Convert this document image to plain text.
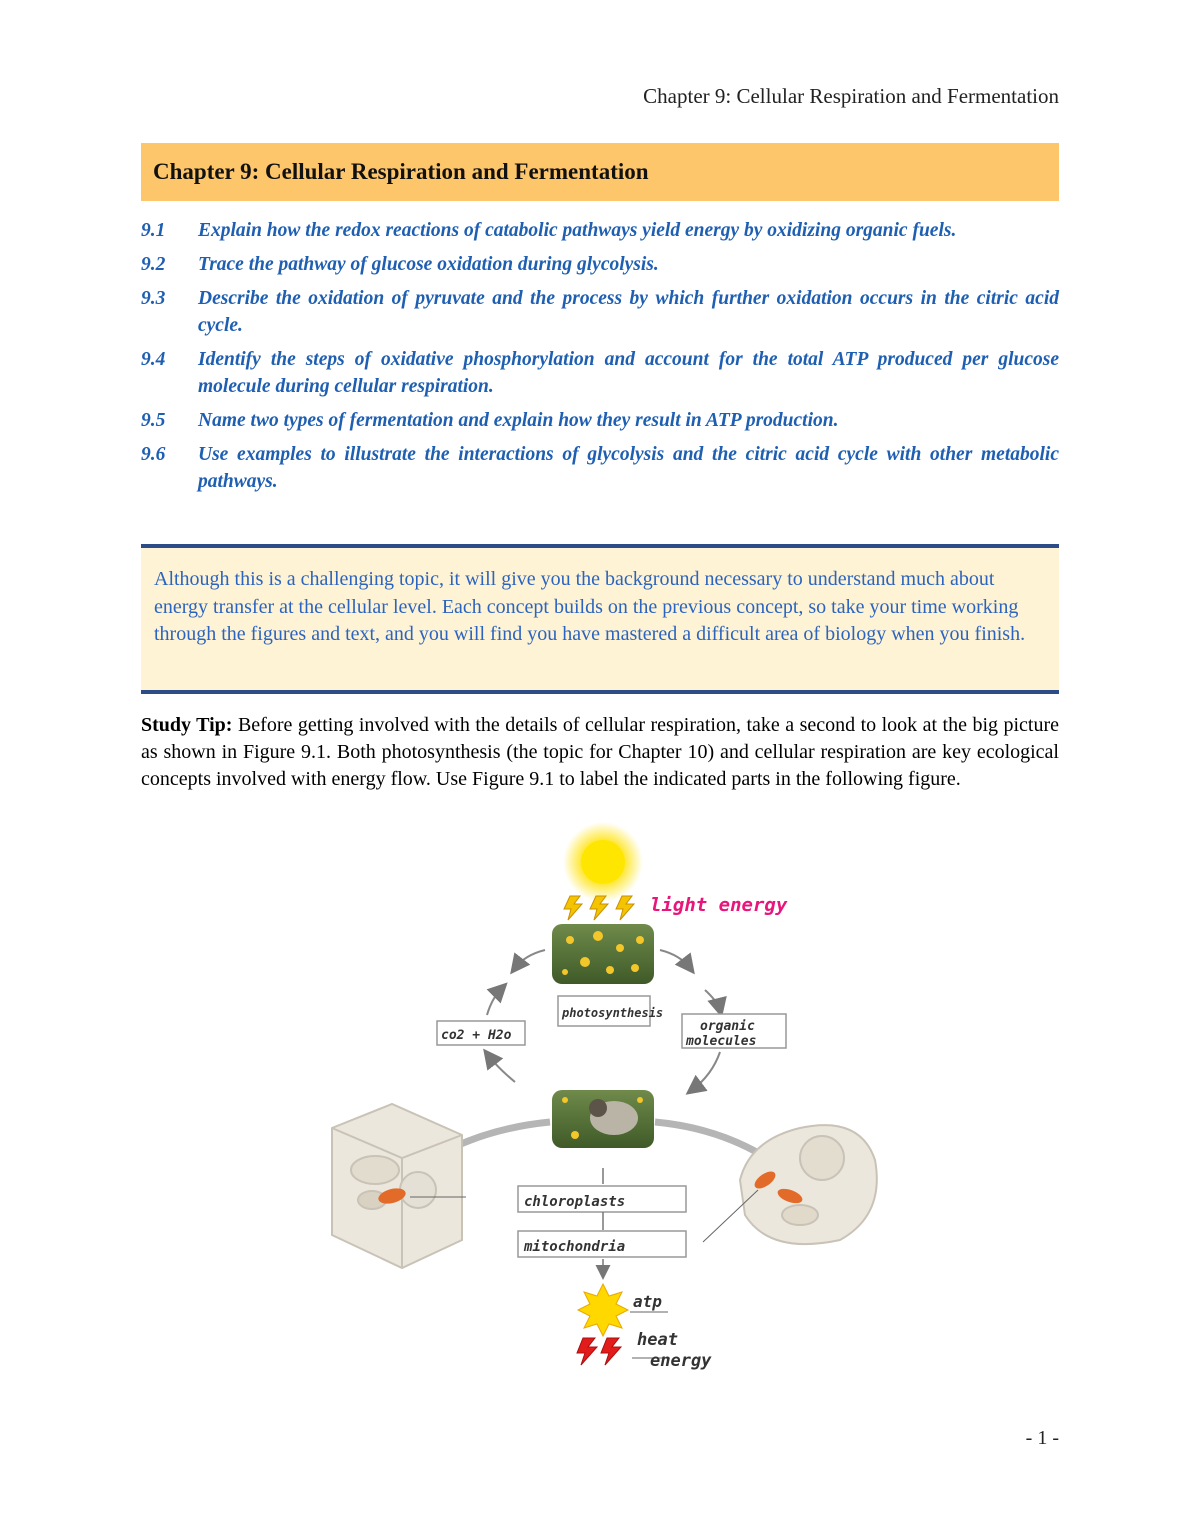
Chapter 9: Cellular Respiration and Fermentation
Chapter 9: Cellular Respiration and Fermentation
9.1	Explain how the redox reactions of catabolic pathways yield energy by oxidizing organic fuels.
9.2	Trace the pathway of glucose oxidation during glycolysis.
9.3	Describe the oxidation of pyruvate and the process by which further oxidation occurs in the citric acid cycle.
9.4	Identify the steps of oxidative phosphorylation and account for the total ATP produced per glucose molecule during cellular respiration.
9.5	Name two types of fermentation and explain how they result in ATP production.
9.6	Use examples to illustrate the interactions of glycolysis and the citric acid cycle with other metabolic pathways.

Although this is a challenging topic, it will give you the background necessary to understand much about energy transfer at the cellular level. Each concept builds on the previous concept, so take your time working through the figures and text, and you will find you have mastered a difficult area of biology when you finish.

Study Tip: Before getting involved with the details of cellular respiration, take a second to look at the big picture as shown in Figure 9.1. Both photosynthesis (the topic for Chapter 10) and cellular respiration are key ecological concepts involved with energy flow. Use Figure 9.1 to label the indicated parts in the following figure.
light energy
photosynthesis
organic
molecules
co2 + H2o
chloroplasts
mitochondria
atp
heat
energy
- 1 -
